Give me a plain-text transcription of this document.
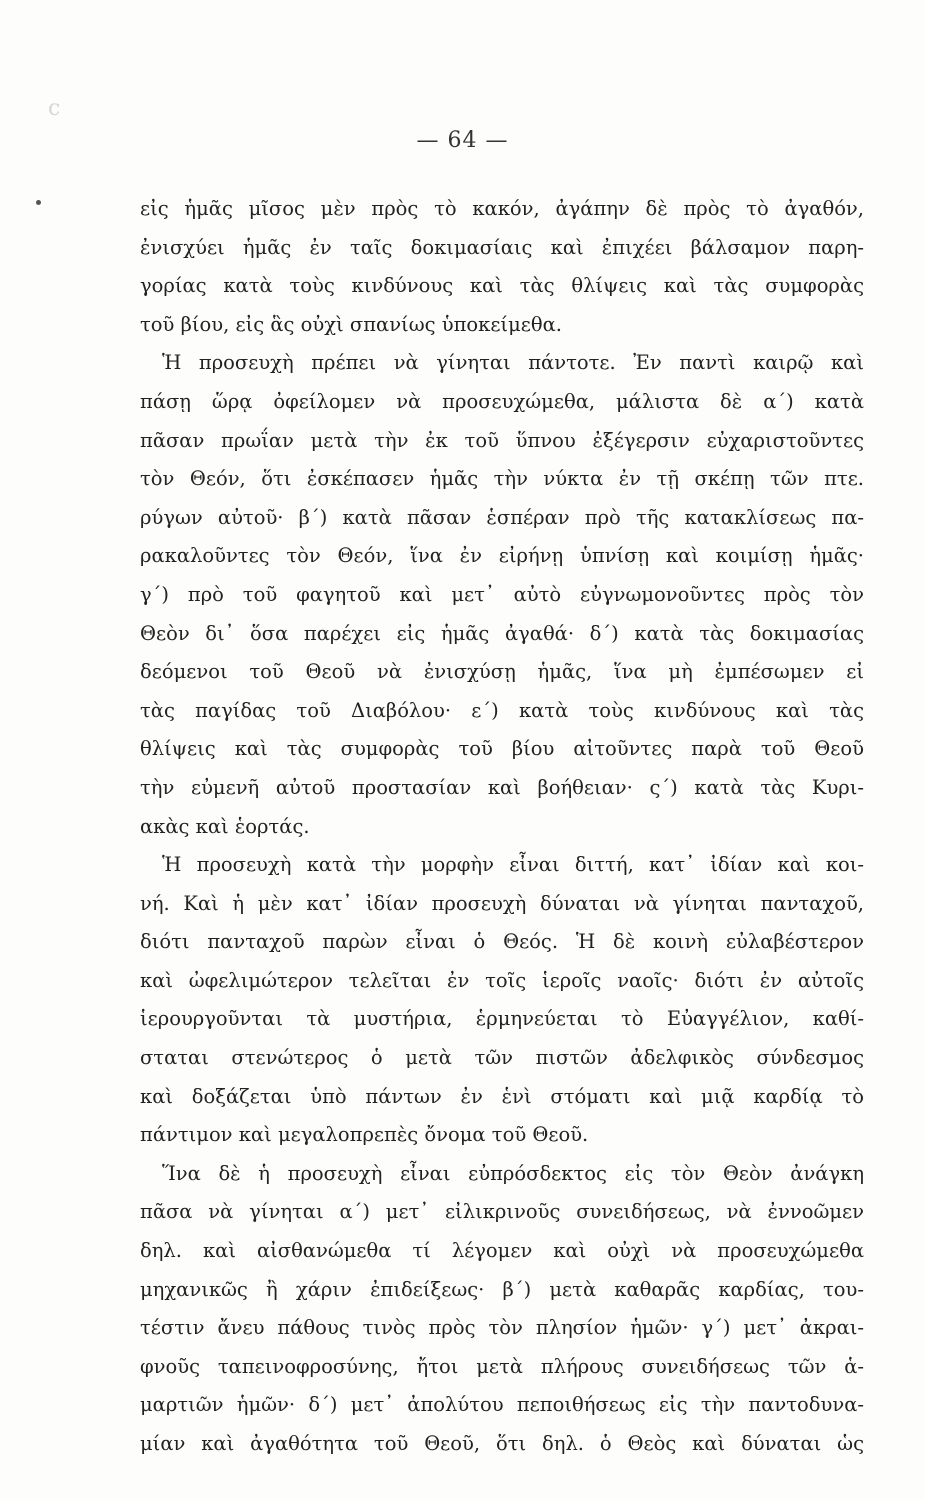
c
— 64 —
εἰς ἡμᾶς μῖσος μὲν πρὸς τὸ κακόν, ἀγάπην δὲ πρὸς τὸ ἀγαθόν,
ἐνισχύει ἡμᾶς ἐν ταῖς δοκιμασίαις καὶ ἐπιχέει βάλσαμον παρη-
γορίας κατὰ τοὺς κινδύνους καὶ τὰς θλίψεις καὶ τὰς συμφορὰς
τοῦ βίου, εἰς ἃς οὐχὶ σπανίως ὑποκείμεθα.
Ἡ προσευχὴ πρέπει νὰ γίνηται πάντοτε. Ἐν παντὶ καιρῷ καὶ
πάσῃ ὥρᾳ ὀφείλομεν νὰ προσευχώμεθα, μάλιστα δὲ α΄) κατὰ
πᾶσαν πρωΐαν μετὰ τὴν ἐκ τοῦ ὕπνου ἐξέγερσιν εὐχαριστοῦντες
τὸν Θεόν, ὅτι ἐσκέπασεν ἡμᾶς τὴν νύκτα ἐν τῇ σκέπῃ τῶν πτε.
ρύγων αὐτοῦ· β΄) κατὰ πᾶσαν ἑσπέραν πρὸ τῆς κατακλίσεως πα-
ρακαλοῦντες τὸν Θεόν, ἵνα ἐν εἰρήνῃ ὑπνίσῃ καὶ κοιμίσῃ ἡμᾶς·
γ΄) πρὸ τοῦ φαγητοῦ καὶ μετ᾽ αὐτὸ εὐγνωμονοῦντες πρὸς τὸν
Θεὸν δι᾽ ὅσα παρέχει εἰς ἡμᾶς ἀγαθά· δ΄) κατὰ τὰς δοκιμασίας
δεόμενοι τοῦ Θεοῦ νὰ ἐνισχύσῃ ἡμᾶς, ἵνα μὴ ἐμπέσωμεν εἰ
τὰς παγίδας τοῦ Διαβόλου· ε΄) κατὰ τοὺς κινδύνους καὶ τὰς
θλίψεις καὶ τὰς συμφορὰς τοῦ βίου αἰτοῦντες παρὰ τοῦ Θεοῦ
τὴν εὐμενῆ αὐτοῦ προστασίαν καὶ βοήθειαν· ς΄) κατὰ τὰς Κυρι-
ακὰς καὶ ἑορτάς.
Ἡ προσευχὴ κατὰ τὴν μορφὴν εἶναι διττή, κατ᾽ ἰδίαν καὶ κοι-
νή. Καὶ ἡ μὲν κατ᾽ ἰδίαν προσευχὴ δύναται νὰ γίνηται πανταχοῦ,
διότι πανταχοῦ παρὼν εἶναι ὁ Θεός. Ἡ δὲ κοινὴ εὐλαβέστερον
καὶ ὠφελιμώτερον τελεῖται ἐν τοῖς ἱεροῖς ναοῖς· διότι ἐν αὐτοῖς
ἱερουργοῦνται τὰ μυστήρια, ἑρμηνεύεται τὸ Εὐαγγέλιον, καθί-
σταται στενώτερος ὁ μετὰ τῶν πιστῶν ἀδελφικὸς σύνδεσμος
καὶ δοξάζεται ὑπὸ πάντων ἐν ἑνὶ στόματι καὶ μιᾷ καρδίᾳ τὸ
πάντιμον καὶ μεγαλοπρεπὲς ὄνομα τοῦ Θεοῦ.
Ἵνα δὲ ἡ προσευχὴ εἶναι εὐπρόσδεκτος εἰς τὸν Θεὸν ἀνάγκη
πᾶσα νὰ γίνηται α΄) μετ᾽ εἰλικρινοῦς συνειδήσεως, νὰ ἐννοῶμεν
δηλ. καὶ αἰσθανώμεθα τί λέγομεν καὶ οὐχὶ νὰ προσευχώμεθα
μηχανικῶς ἢ χάριν ἐπιδείξεως· β΄) μετὰ καθαρᾶς καρδίας, του-
τέστιν ἄνευ πάθους τινὸς πρὸς τὸν πλησίον ἡμῶν· γ΄) μετ᾽ ἀκραι-
φνοῦς ταπεινοφροσύνης, ἤτοι μετὰ πλήρους συνειδήσεως τῶν ἁ-
μαρτιῶν ἡμῶν· δ΄) μετ᾽ ἀπολύτου πεποιθήσεως εἰς τὴν παντοδυνα-
μίαν καὶ ἀγαθότητα τοῦ Θεοῦ, ὅτι δηλ. ὁ Θεὸς καὶ δύναται ὡς
